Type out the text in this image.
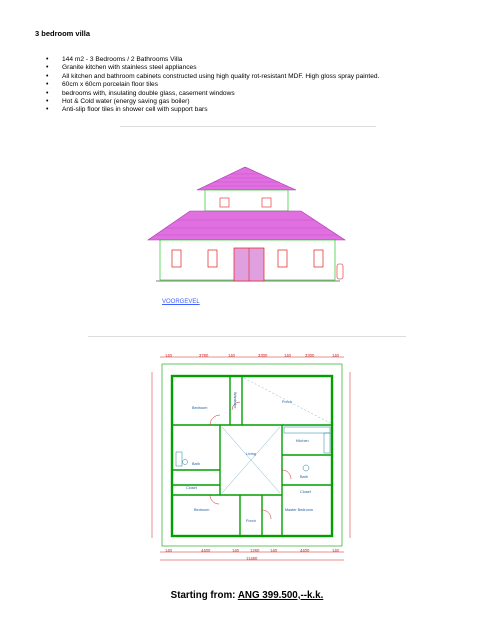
3 bedroom villa
• 144 m2 - 3 Bedrooms / 2 Bathrooms Villa
• Granite kitchen with stainless steel appliances
• All kitchen and bathroom cabinets constructed using high quality rot-resistant MDF. High gloss spray painted.
• 60cm x 60cm porcelain floor tiles
• bedrooms with, insulating double glass, casement windows
• Hot & Cold water (energy saving gas boiler)
• Anti-slip floor tiles in shower cell with support bars
VOORGEVEL
140	3780	140	3300	140	3300	140
140	4400	140	1260	140	4400	140
11480
Bedroom	Wardrobe	Porch
Kitchen
Living
Bath
Closet
Bath
Closet
Bedroom
Porch
Master Bedroom
Starting from: ANG 399.500,--k.k.
